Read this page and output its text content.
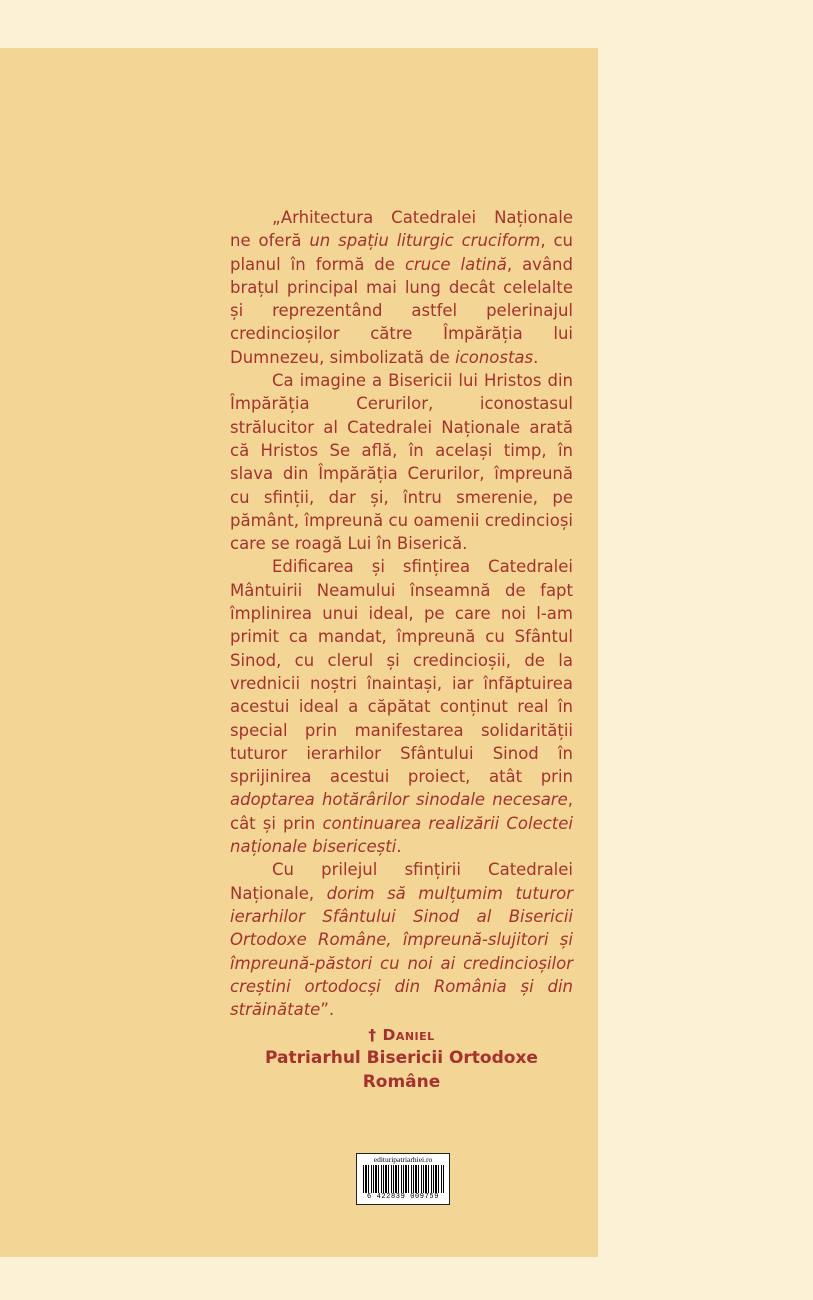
„Arhitectura Catedralei Naționale ne oferă un spațiu liturgic cruciform, cu planul în formă de cruce latină, având brațul principal mai lung decât celelalte și reprezentând astfel pelerinajul credincioșilor către Împărăția lui Dumnezeu, simbolizată de iconostas.

Ca imagine a Bisericii lui Hristos din Împărăția Cerurilor, iconostasul strălucitor al Catedralei Naționale arată că Hristos Se află, în același timp, în slava din Împărăția Cerurilor, împreună cu sfinții, dar și, întru smerenie, pe pământ, împreună cu oamenii credincioși care se roagă Lui în Biserică.

Edificarea și sfințirea Catedralei Mântuirii Neamului înseamnă de fapt împlinirea unui ideal, pe care noi l-am primit ca mandat, împreună cu Sfântul Sinod, cu clerul și credincioșii, de la vrednicii noștri înaintași, iar înfăptuirea acestui ideal a căpătat conținut real în special prin manifestarea solidarității tuturor ierarhilor Sfântului Sinod în sprijinirea acestui proiect, atât prin adoptarea hotărârilor sinodale necesare, cât și prin continuarea realizării Colectei naționale bisericești.

Cu prilejul sfințirii Catedralei Naționale, dorim să mulțumim tuturor ierarhilor Sfântului Sinod al Bisericii Ortodoxe Române, împreună-slujitori și împreună-păstori cu noi ai credincioșilor creștini ortodocși din România și din străinătate”.

† Daniel
Patriarhul Bisericii Ortodoxe Române
edituripatriarhiei.ro
6 422839 009759
